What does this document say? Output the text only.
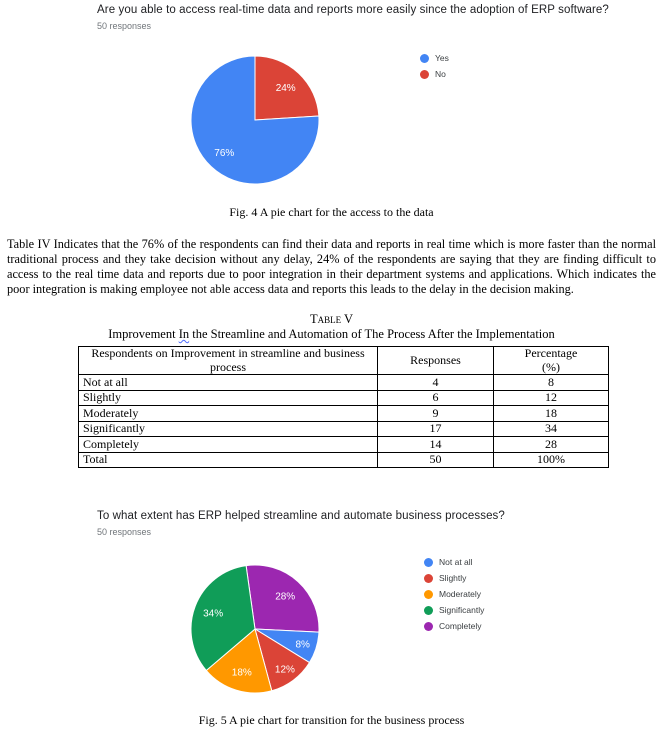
Are you able to access real-time data and reports more easily since the adoption of ERP software?
50 responses
24%
76%
Yes
No
Fig. 4 A pie chart for the access to the data
Table IV Indicates that the 76% of the respondents can find their data and reports in real time which is more faster than the normal traditional process and they take decision without any delay, 24% of the respondents are saying that they are finding difficult to access to the real time data and reports due to poor integration in their department systems and applications. Which indicates the poor integration is making employee not able access data and reports this leads to the delay in the decision making.
Table V
Improvement In the Streamline and Automation of The Process After the Implementation
Respondents on Improvement in streamline and business process	Responses	Percentage
(%)
Not at all	4	8
Slightly	6	12
Moderately	9	18
Significantly	17	34
Completely	14	28
Total	50	100%
To what extent has ERP helped streamline and automate business processes?
50 responses
28%
8%
12%
18%
34%
Not at all
Slightly
Moderately
Significantly
Completely
Fig. 5 A pie chart for transition for the business process
